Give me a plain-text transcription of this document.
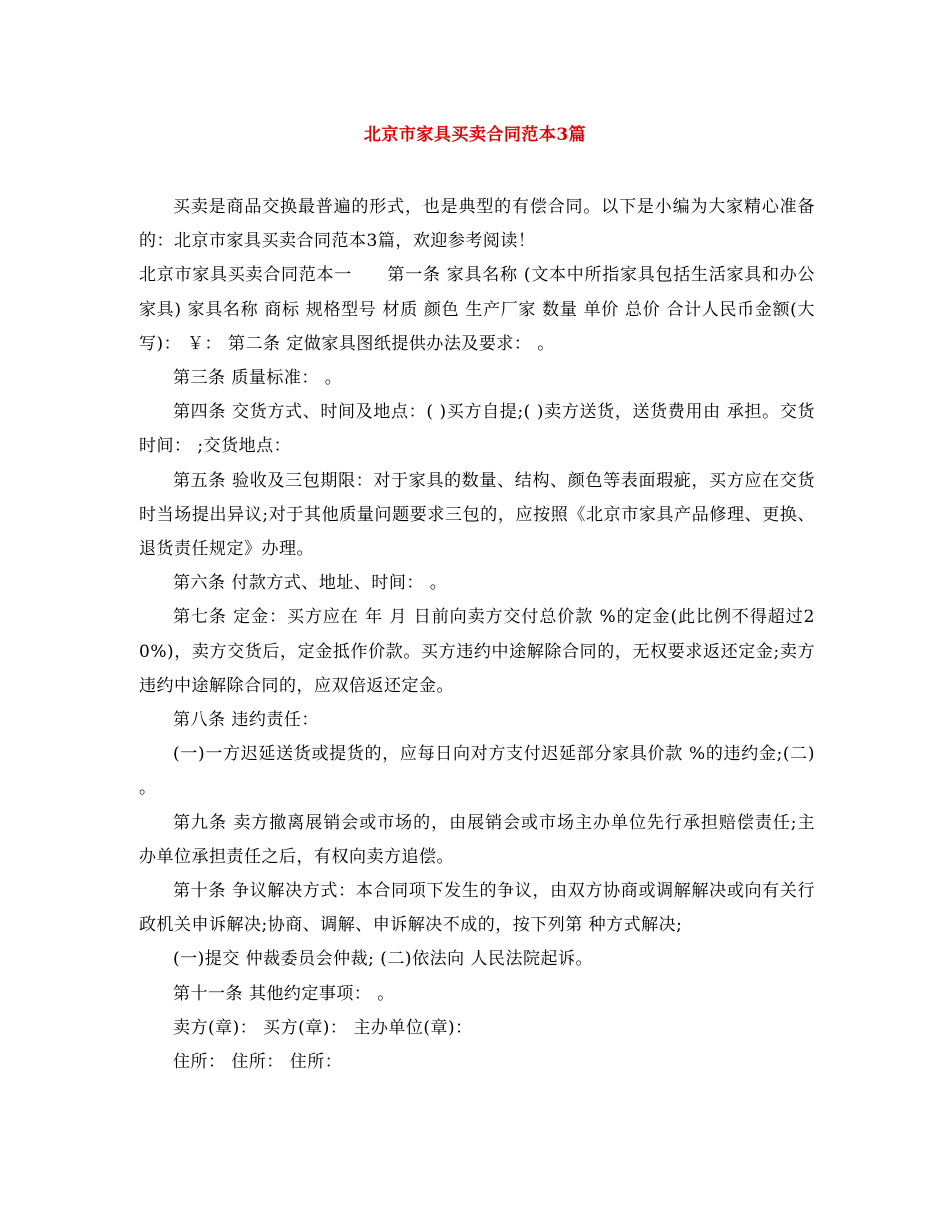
北京市家具买卖合同范本3篇

买卖是商品交换最普遍的形式，也是典型的有偿合同。以下是小编为大家精心准备的：北京市家具买卖合同范本3篇，欢迎参考阅读！

北京市家具买卖合同范本一　　第一条 家具名称 (文本中所指家具包括生活家具和办公家具) 家具名称 商标 规格型号 材质 颜色 生产厂家 数量 单价 总价 合计人民币金额(大写)： ￥： 第二条 定做家具图纸提供办法及要求： 。

第三条 质量标准： 。

第四条 交货方式、时间及地点：( )买方自提;( )卖方送货，送货费用由 承担。交货时间： ;交货地点：

第五条 验收及三包期限：对于家具的数量、结构、颜色等表面瑕疵，买方应在交货时当场提出异议;对于其他质量问题要求三包的，应按照《北京市家具产品修理、更换、退货责任规定》办理。

第六条 付款方式、地址、时间： 。

第七条 定金：买方应在 年 月 日前向卖方交付总价款 %的定金(此比例不得超过20%)，卖方交货后，定金抵作价款。买方违约中途解除合同的，无权要求返还定金;卖方违约中途解除合同的，应双倍返还定金。

第八条 违约责任：

(一)一方迟延送货或提货的，应每日向对方支付迟延部分家具价款 %的违约金;(二) 。

第九条 卖方撤离展销会或市场的，由展销会或市场主办单位先行承担赔偿责任;主办单位承担责任之后，有权向卖方追偿。

第十条 争议解决方式：本合同项下发生的争议，由双方协商或调解解决或向有关行政机关申诉解决;协商、调解、申诉解决不成的，按下列第 种方式解决;

(一)提交 仲裁委员会仲裁; (二)依法向 人民法院起诉。

第十一条 其他约定事项： 。

卖方(章)： 买方(章)： 主办单位(章)：

住所： 住所： 住所：
